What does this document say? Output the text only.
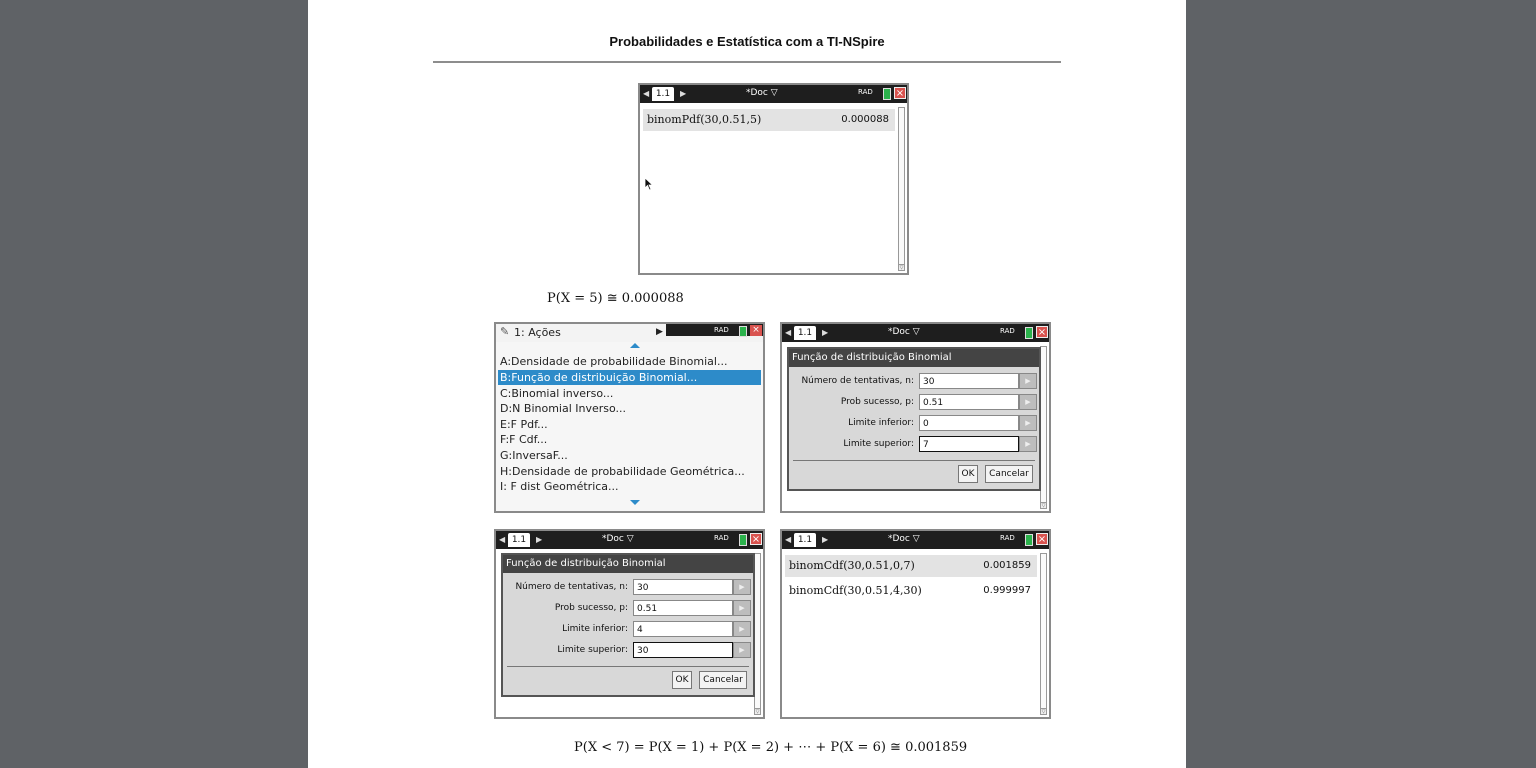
Probabilidades e Estatística com a TI-NSpire
◀ 1.1	▶	*Doc ▽	RAD ×
binomPdf(30,0.51,5)	0.000088
▽
P(X = 5) ≅ 0.000088
✎ 1: Ações	▶	RAD	×
A:Densidade de probabilidade Binomial...
B:Função de distribuição Binomial...
C:Binomial inverso...
D:N Binomial Inverso...
E:F Pdf...
F:F Cdf...
G:InversaF...
H:Densidade de probabilidade Geométrica...
I: F dist Geométrica...
◀ 1.1	▶	*Doc ▽	RAD ×
▽
Função de distribuição Binomial
Número de tentativas, n:	30	▶
Prob sucesso, p:	0.51	▶
Limite inferior:	0	▶
Limite superior:	7	▶
OK	Cancelar
◀ 1.1	▶	*Doc ▽	RAD ×
▽
Função de distribuição Binomial
Número de tentativas, n:	30	▶
Prob sucesso, p:	0.51	▶
Limite inferior:	4	▶
Limite superior:	30	▶
OK	Cancelar
◀ 1.1	▶	*Doc ▽	RAD ×
binomCdf(30,0.51,0,7)	0.001859
binomCdf(30,0.51,4,30)	0.999997
▽
P(X < 7) = P(X = 1) + P(X = 2) + ⋯ + P(X = 6) ≅ 0.001859
